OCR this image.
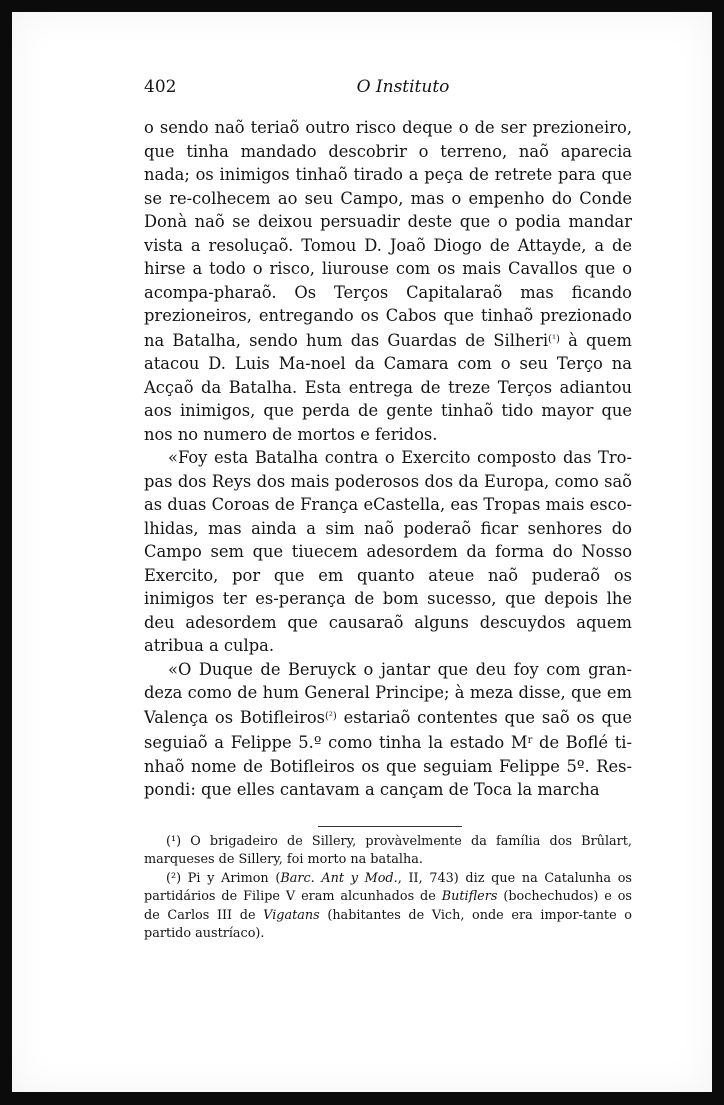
402	O Instituto

o sendo naõ teriaõ outro risco deque o de ser prezioneiro, que tinha mandado descobrir o terreno, naõ aparecia nada; os inimigos tinhaõ tirado a peça de retrete para que se re-colhecem ao seu Campo, mas o empenho do Conde Donà naõ se deixou persuadir deste que o podia mandar vista a resoluçaõ. Tomou D. Joaõ Diogo de Attayde, a de hirse a todo o risco, liurouse com os mais Cavallos que o acompa-pharaõ. Os Terços Capitalaraõ mas ficando prezioneiros, entregando os Cabos que tinhaõ prezionado na Batalha, sendo hum das Guardas de Silheri$^{(^1)}$ à quem atacou D. Luis Ma-noel da Camara com o seu Terço na Acçaõ da Batalha. Esta entrega de treze Terços adiantou aos inimigos, que perda de gente tinhaõ tido mayor que nos no numero de mortos e feridos.

«Foy esta Batalha contra o Exercito composto das Tro-pas dos Reys dos mais poderosos dos da Europa, como saõ as duas Coroas de França eCastella, eas Tropas mais esco-lhidas, mas ainda a sim naõ poderaõ ficar senhores do Campo sem que tiuecem adesordem da forma do Nosso Exercito, por que em quanto ateue naõ puderaõ os inimigos ter es-perança de bom sucesso, que depois lhe deu adesordem que causaraõ alguns descuydos aquem atribua a culpa.

«O Duque de Beruyck o jantar que deu foy com gran-deza como de hum General Principe; à meza disse, que em Valença os Botifleiros$^{(^2)}$ estariaõ contentes que saõ os que seguiaõ a Felippe 5.º como tinha la estado $M^r$ de Boflé ti-nhaõ nome de Botifleiros os que seguiam Felippe 5º. Res-pondi: que elles cantavam a cançam de Toca la marcha

(¹) O brigadeiro de Sillery, provàvelmente da família dos Brûlart, marqueses de Sillery, foi morto na batalha.

(²) Pi y Arimon (Barc. Ant y Mod., II, 743) diz que na Catalunha os partidários de Filipe V eram alcunhados de Butiflers (bochechudos) e os de Carlos III de Vigatans (habitantes de Vich, onde era impor-tante o partido austríaco).
